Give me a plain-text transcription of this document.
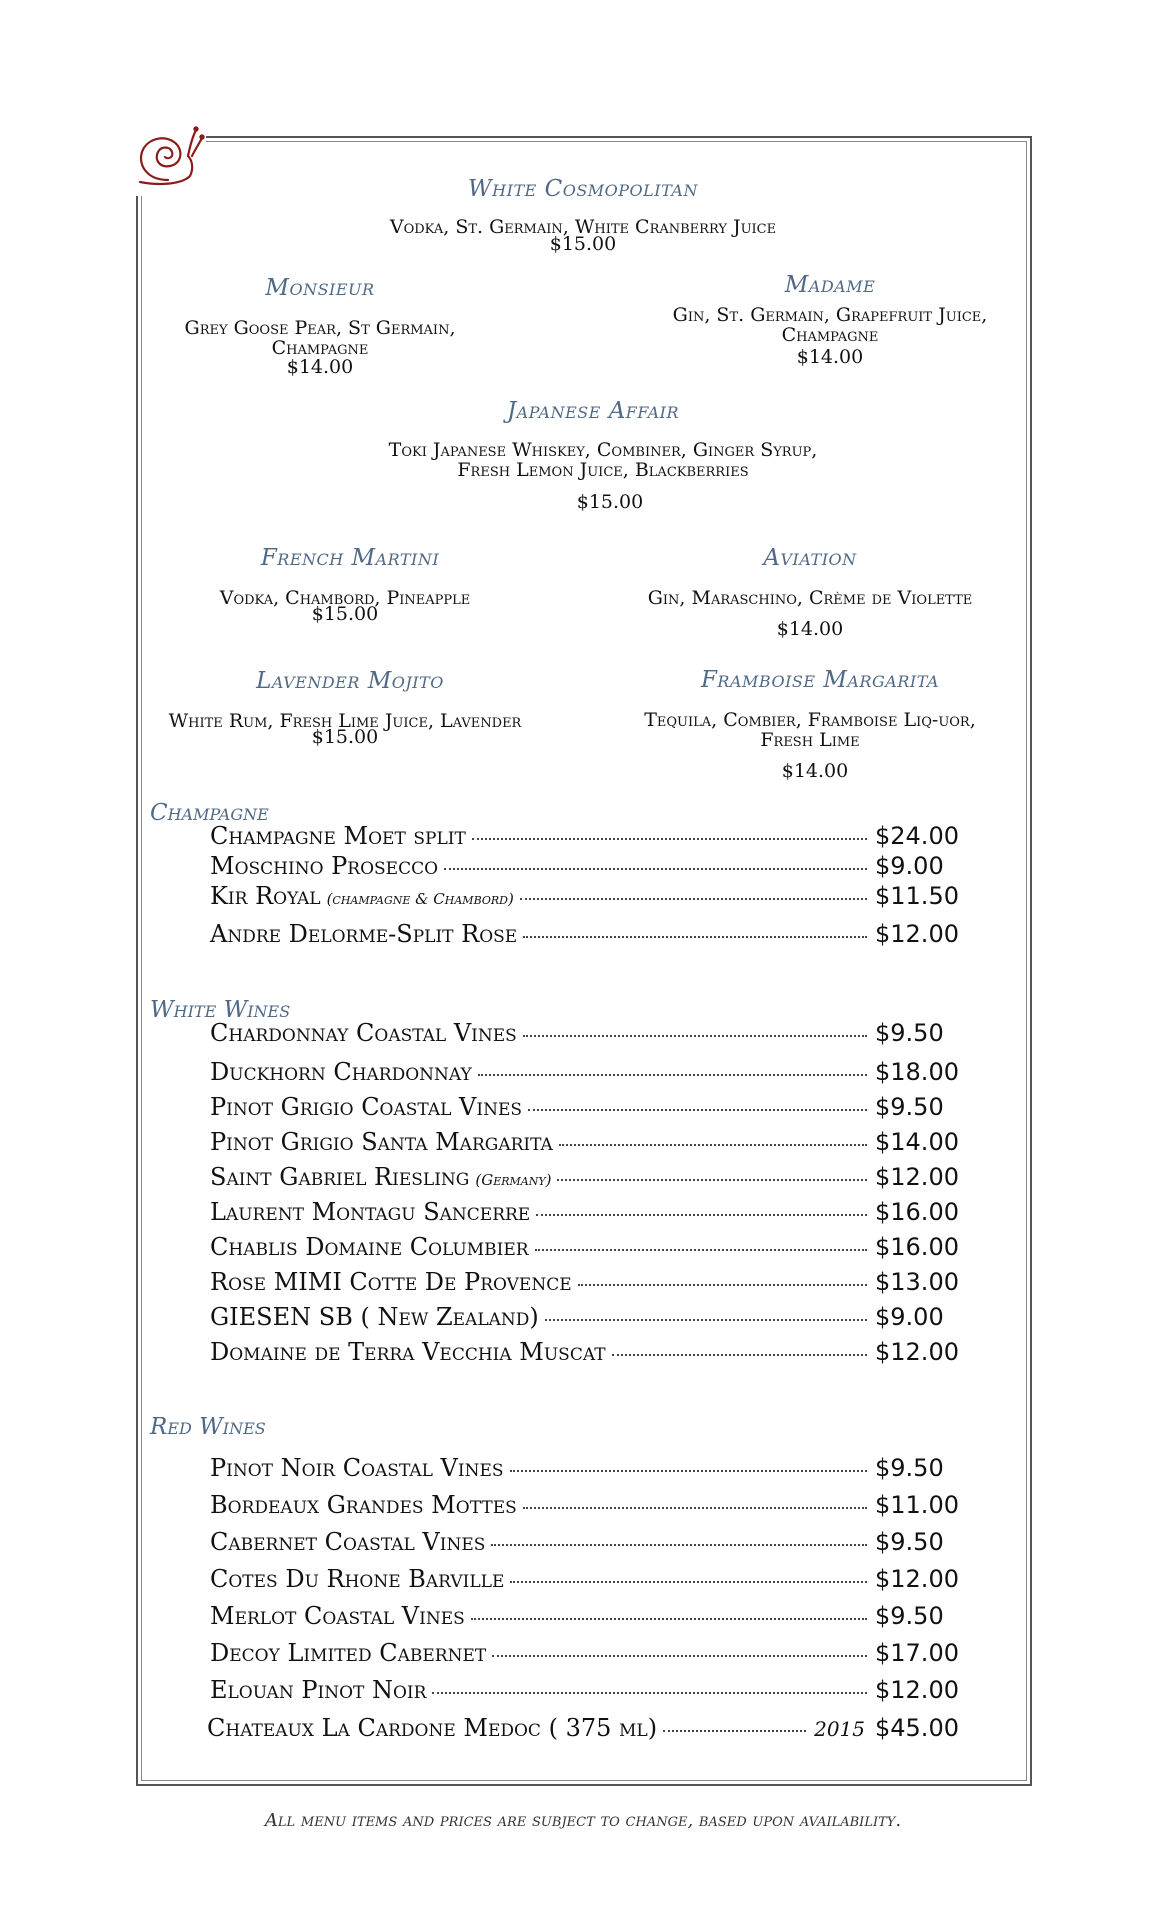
White Cosmopolitan
Vodka, St. Germain, White Cranberry Juice
$15.00
Monsieur
Grey Goose Pear, St Germain, Champagne
$14.00
Madame
Gin, St. Germain, Grapefruit Juice, Champagne
$14.00
Japanese Affair
Toki Japanese Whiskey, Combiner, Ginger Syrup, Fresh Lemon Juice, Blackberries
$15.00
French Martini
Vodka, Chambord, Pineapple
$15.00
Aviation
Gin, Maraschino, Crème de Violette
$14.00
Lavender Mojito
White Rum, Fresh Lime Juice, Lavender
$15.00
Framboise Margarita
Tequila, Combier, Framboise Liq-uor, Fresh Lime
$14.00
Champagne
Champagne Moet split	$24.00
Moschino Prosecco	$9.00
Kir Royal (champagne & Chambord)	$11.50
Andre Delorme-Split Rose	$12.00
White Wines
Chardonnay Coastal Vines	$9.50
Duckhorn Chardonnay	$18.00
Pinot Grigio Coastal Vines	$9.50
Pinot Grigio Santa Margarita	$14.00
Saint Gabriel Riesling (Germany)	$12.00
Laurent Montagu Sancerre	$16.00
Chablis Domaine Columbier	$16.00
Rose MIMI Cotte De Provence	$13.00
GIESEN SB ( New Zealand)	$9.00
Domaine de Terra Vecchia Muscat	$12.00
Red Wines
Pinot Noir Coastal Vines	$9.50
Bordeaux Grandes Mottes	$11.00
Cabernet Coastal Vines	$9.50
Cotes Du Rhone Barville	$12.00
Merlot Coastal Vines	$9.50
Decoy Limited Cabernet	$17.00
Elouan Pinot Noir	$12.00
Chateaux La Cardone Medoc ( 375 ml)	2015 $45.00
All menu items and prices are subject to change, based upon availability.
